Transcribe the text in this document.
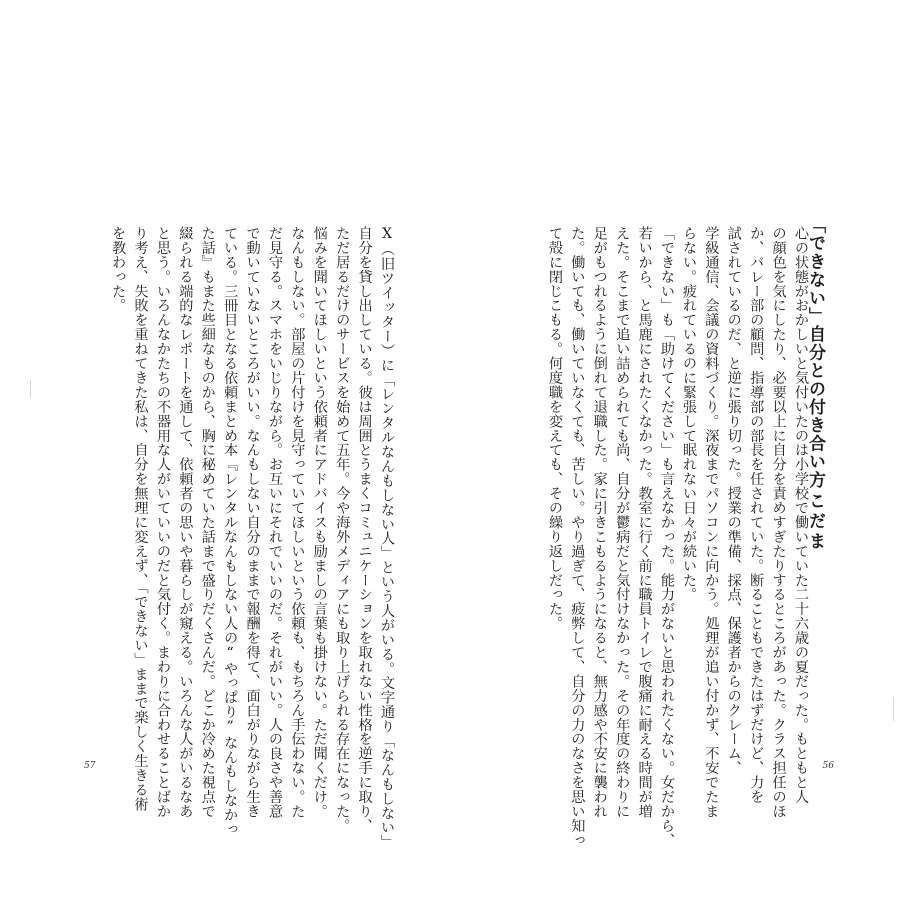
「できない」自分との付き合い方
こだま
心の状態がおかしいと気付いたのは小学校で働いていた二十六歳の夏だった。もともと人
の顔色を気にしたり、必要以上に自分を責めすぎたりするところがあった。クラス担任のほ
か、バレー部の顧問、指導部の部長を任されていた。断ることもできたはずだけど、力を
試されているのだ、と逆に張り切った。授業の準備、採点、保護者からのクレーム、
学級通信、会議の資料づくり。深夜までパソコンに向かう。処理が追い付かず、不安でたま
らない。疲れているのに緊張して眠れない日々が続いた。
「できない」も「助けてください」も言えなかった。能力がないと思われたくない。女だから、
若いから、と馬鹿にされたくなかった。教室に行く前に職員トイレで腹痛に耐える時間が増
えた。そこまで追い詰められても尚、自分が鬱病だと気付けなかった。その年度の終わりに
足がもつれるように倒れて退職した。家に引きこもるようになると、無力感や不安に襲われ
た。働いても、働いていなくても、苦しい。やり過ぎて、疲弊して、自分の力のなさを思い知っ
て殻に閉じこもる。何度職を変えても、その繰り返しだった。
56
X（旧ツイッター）に「レンタルなんもしない人」という人がいる。文字通り「なんもしない」
自分を貸し出している。彼は周囲とうまくコミュニケーションを取れない性格を逆手に取り、
ただ居るだけのサービスを始めて五年。今や海外メディアにも取り上げられる存在になった。
悩みを聞いてほしいという依頼者にアドバイスも励ましの言葉も掛けない。ただ聞くだけ。
なんもしない。部屋の片付けを見守っていてほしいという依頼も、もちろん手伝わない。た
だ見守る。スマホをいじりながら。お互いにそれでいいのだ。それがいい。人の良さや善意
で動いていないところがいい。なんもしない自分のままで報酬を得て、面白がりながら生き
ている。三冊目となる依頼まとめ本『レンタルなんもしない人の“やっぱり”なんもしなかっ
た話』もまた些細なものから、胸に秘めていた話まで盛りだくさんだ。どこか冷めた視点で
綴られる端的なレポートを通して、依頼者の思いや暮らしが窺える。いろんな人がいるなあ
と思う。いろんなかたちの不器用な人がいていいのだと気付く。まわりに合わせることばか
り考え、失敗を重ねてきた私は、自分を無理に変えず、「できない」ままで楽しく生きる術
を教わった。
57
